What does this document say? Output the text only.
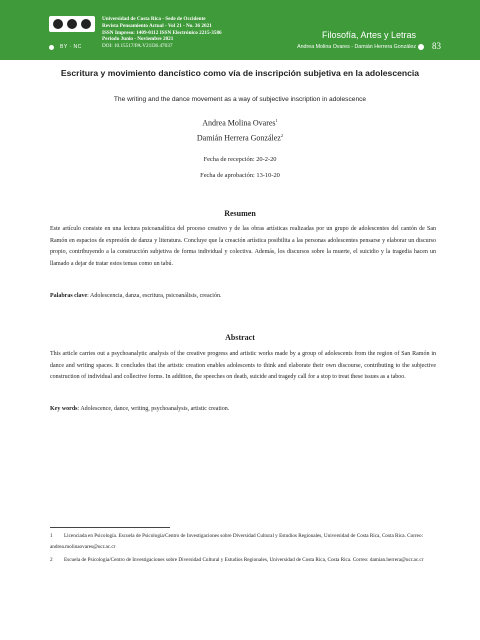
BY · NC
Universidad de Costa Rica - Sede de Occidente
Revista Pensamiento Actual - Vol 21 - No. 36 2021
ISSN Impreso: 1409-0112 ISSN Electrónico 2215-3586
Periodo Junio - Noviembre 2021
DOI: 10.15517/PA.V21I36.47037
Filosofía, Artes y Letras
Andrea Molina Ovares - Damián Herrera González 83
Escritura y movimiento dancístico como vía de inscripción subjetiva en la adolescencia
The writing and the dance movement as a way of subjective inscription in adolescence
Andrea Molina Ovares$^1$
Damián Herrera González$^2$
Fecha de recepción: 20-2-20
Fecha de aprobación: 13-10-20
Resumen
Este artículo consiste en una lectura psicoanalítica del proceso creativo y de las obras artísticas realizadas por un grupo de adolescentes del cantón de San Ramón en espacios de expresión de danza y literatura. Concluye que la creación artística posibilita a las personas adolescentes pensarse y elaborar un discurso propio, contribuyendo a la construcción subjetiva de forma individual y colectiva. Además, los discursos sobre la muerte, el suicidio y la tragedia hacen un llamado a dejar de tratar estos temas como un tabú.
Palabras clave: Adolescencia, danza, escritura, psicoanálisis, creación.
Abstract
This article carries out a psychoanalytic analysis of the creative progress and artistic works made by a group of adolescents from the region of San Ramón in dance and writing spaces. It concludes that the artistic creation enables adolescents to think and elaborate their own discourse, contributing to the subjective construction of individual and collective forms. In addition, the speeches on death, suicide and tragedy call for a stop to treat these issues as a taboo.
Key words: Adolescence, dance, writing, psychoanalysis, artistic creation.
1 Licenciada en Psicología. Escuela de Psicología/Centro de Investigaciones sobre Diversidad Cultural y Estudios Regionales, Universidad de Costa Rica, Costa Rica. Correo: andrea.molinaovares@ucr.ac.cr
2 Escuela de Psicología/Centro de Investigaciones sobre Diversidad Cultural y Estudios Regionales, Universidad de Costa Rica, Costa Rica. Correo: damian.herrera@ucr.ac.cr
